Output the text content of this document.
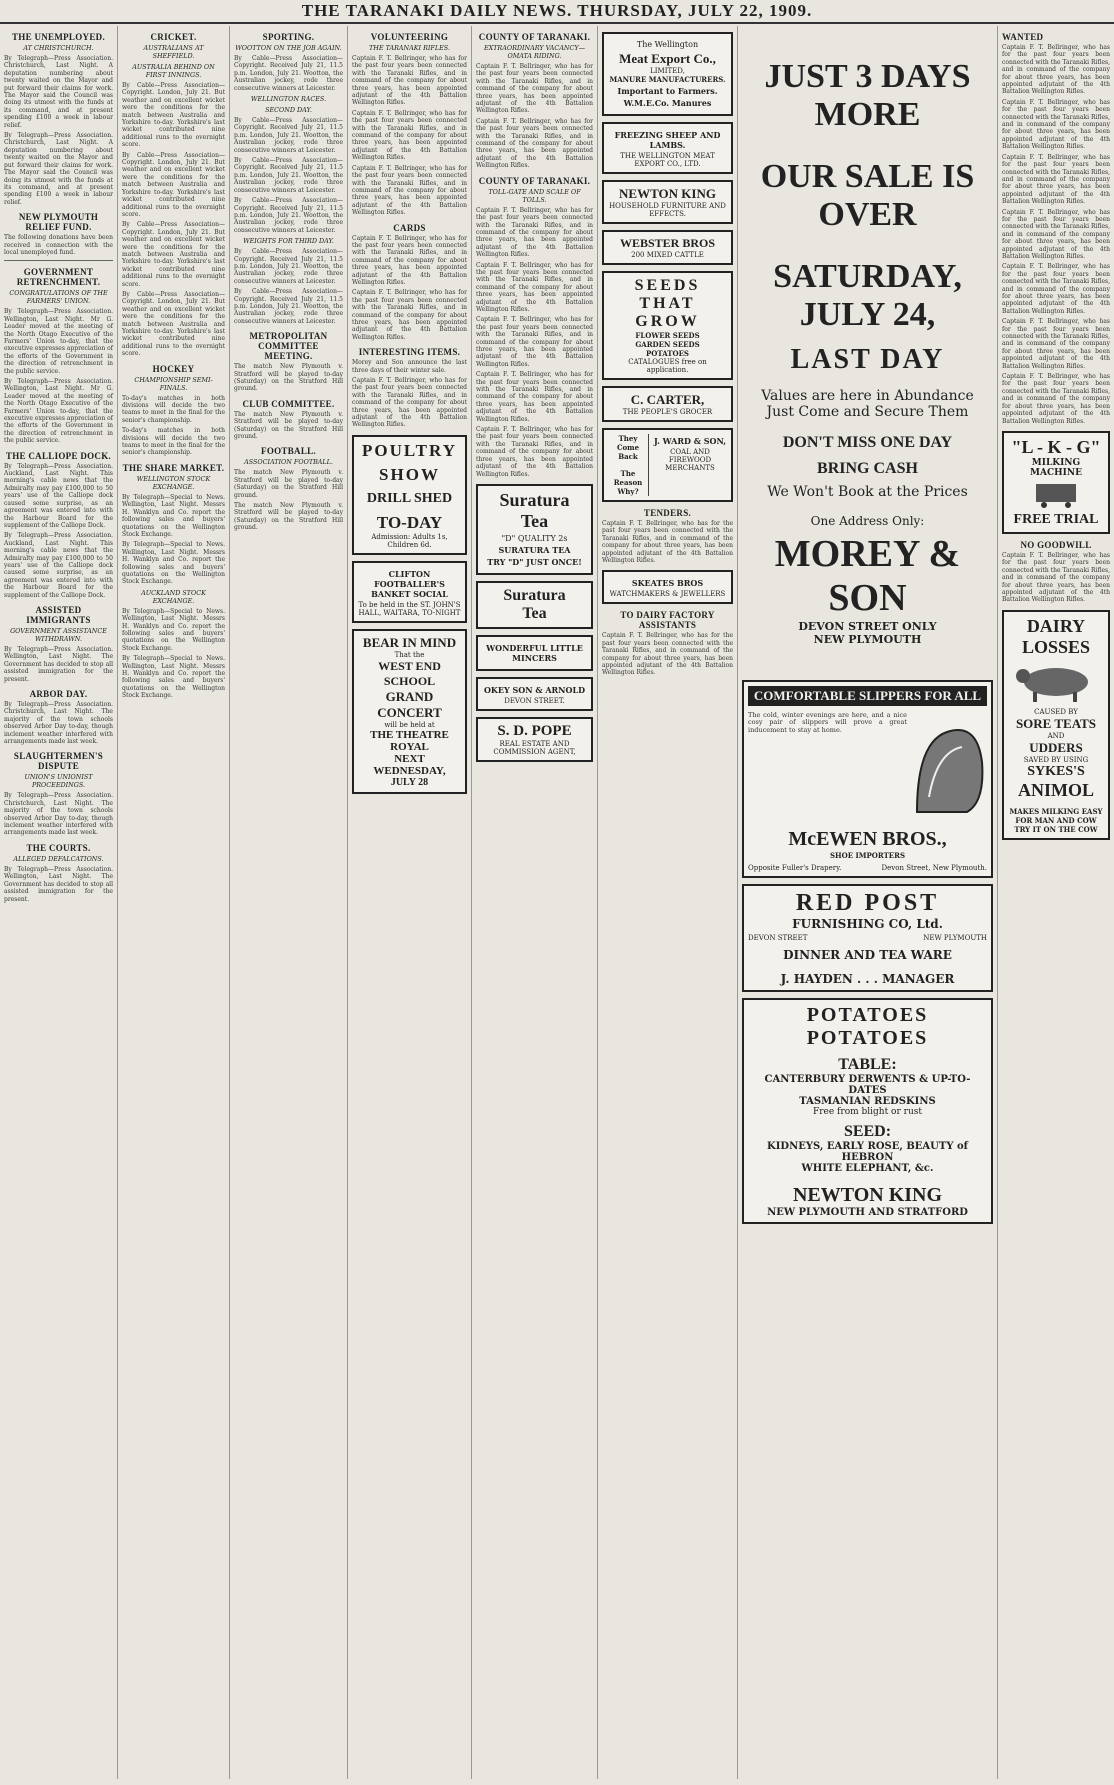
THE TARANAKI DAILY NEWS. THURSDAY, JULY 22, 1909.
THE UNEMPLOYED.
AT CHRISTCHURCH.

By Telegraph—Press Association. Christchurch, Last Night. A deputation numbering about twenty waited on the Mayor and put forward their claims for work. The Mayor said the Council was doing its utmost with the funds at its command, and at present spending £100 a week in labour relief.

By Telegraph—Press Association. Christchurch, Last Night. A deputation numbering about twenty waited on the Mayor and put forward their claims for work. The Mayor said the Council was doing its utmost with the funds at its command, and at present spending £100 a week in labour relief.

NEW PLYMOUTH RELIEF FUND.

The following donations have been received in connection with the local unemployed fund.

GOVERNMENT RETRENCHMENT.
CONGRATULATIONS OF THE FARMERS' UNION.

By Telegraph—Press Association. Wellington, Last Night. Mr G. Leader moved at the meeting of the North Otago Executive of the Farmers' Union to-day, that the executive expresses appreciation of the efforts of the Government in the direction of retrenchment in the public service.

By Telegraph—Press Association. Wellington, Last Night. Mr G. Leader moved at the meeting of the North Otago Executive of the Farmers' Union to-day, that the executive expresses appreciation of the efforts of the Government in the direction of retrenchment in the public service.

THE CALLIOPE DOCK.

By Telegraph—Press Association. Auckland, Last Night. This morning's cable news that the Admiralty may pay £100,000 to 50 years' use of the Calliope dock caused some surprise, as an agreement was entered into with the Harbour Board for the supplement of the Calliope Dock.

By Telegraph—Press Association. Auckland, Last Night. This morning's cable news that the Admiralty may pay £100,000 to 50 years' use of the Calliope dock caused some surprise, as an agreement was entered into with the Harbour Board for the supplement of the Calliope Dock.

ASSISTED IMMIGRANTS
GOVERNMENT ASSISTANCE WITHDRAWN.

By Telegraph—Press Association. Wellington, Last Night. The Government has decided to stop all assisted immigration for the present.

ARBOR DAY.

By Telegraph—Press Association. Christchurch, Last Night. The majority of the town schools observed Arbor Day to-day, though inclement weather interfered with arrangements made last week.

SLAUGHTERMEN'S DISPUTE
UNION'S UNIONIST PROCEEDINGS.

By Telegraph—Press Association. Christchurch, Last Night. The majority of the town schools observed Arbor Day to-day, though inclement weather interfered with arrangements made last week.

THE COURTS.
ALLEGED DEFALCATIONS.

By Telegraph—Press Association. Wellington, Last Night. The Government has decided to stop all assisted immigration for the present.

CRICKET.
AUSTRALIANS AT SHEFFIELD.
AUSTRALIA BEHIND ON FIRST INNINGS.

By Cable—Press Association—Copyright. London, July 21. But weather and on excellent wicket were the conditions for the match between Australia and Yorkshire to-day. Yorkshire's last wicket contributed nine additional runs to the overnight score.

By Cable—Press Association—Copyright. London, July 21. But weather and on excellent wicket were the conditions for the match between Australia and Yorkshire to-day. Yorkshire's last wicket contributed nine additional runs to the overnight score.

By Cable—Press Association—Copyright. London, July 21. But weather and on excellent wicket were the conditions for the match between Australia and Yorkshire to-day. Yorkshire's last wicket contributed nine additional runs to the overnight score.

By Cable—Press Association—Copyright. London, July 21. But weather and on excellent wicket were the conditions for the match between Australia and Yorkshire to-day. Yorkshire's last wicket contributed nine additional runs to the overnight score.

HOCKEY
CHAMPIONSHIP SEMI-FINALS.

To-day's matches in both divisions will decide the two teams to meet in the final for the senior's championship.

To-day's matches in both divisions will decide the two teams to meet in the final for the senior's championship.

THE SHARE MARKET.
WELLINGTON STOCK EXCHANGE.

By Telegraph—Special to News. Wellington, Last Night. Messrs H. Wanklyn and Co. report the following sales and buyers' quotations on the Wellington Stock Exchange.

By Telegraph—Special to News. Wellington, Last Night. Messrs H. Wanklyn and Co. report the following sales and buyers' quotations on the Wellington Stock Exchange.

AUCKLAND STOCK EXCHANGE.

By Telegraph—Special to News. Wellington, Last Night. Messrs H. Wanklyn and Co. report the following sales and buyers' quotations on the Wellington Stock Exchange.

By Telegraph—Special to News. Wellington, Last Night. Messrs H. Wanklyn and Co. report the following sales and buyers' quotations on the Wellington Stock Exchange.

SPORTING.
WOOTTON ON THE JOB AGAIN.

By Cable—Press Association—Copyright. Received July 21, 11.5 p.m. London, July 21. Wootton, the Australian jockey, rode three consecutive winners at Leicester.

WELLINGTON RACES.
SECOND DAY.

By Cable—Press Association—Copyright. Received July 21, 11.5 p.m. London, July 21. Wootton, the Australian jockey, rode three consecutive winners at Leicester.

By Cable—Press Association—Copyright. Received July 21, 11.5 p.m. London, July 21. Wootton, the Australian jockey, rode three consecutive winners at Leicester.

By Cable—Press Association—Copyright. Received July 21, 11.5 p.m. London, July 21. Wootton, the Australian jockey, rode three consecutive winners at Leicester.

WEIGHTS FOR THIRD DAY.

By Cable—Press Association—Copyright. Received July 21, 11.5 p.m. London, July 21. Wootton, the Australian jockey, rode three consecutive winners at Leicester.

By Cable—Press Association—Copyright. Received July 21, 11.5 p.m. London, July 21. Wootton, the Australian jockey, rode three consecutive winners at Leicester.

METROPOLITAN COMMITTEE MEETING.

The match New Plymouth v. Stratford will be played to-day (Saturday) on the Stratford Hill ground.

CLUB COMMITTEE.

The match New Plymouth v. Stratford will be played to-day (Saturday) on the Stratford Hill ground.

FOOTBALL.
ASSOCIATION FOOTBALL.

The match New Plymouth v. Stratford will be played to-day (Saturday) on the Stratford Hill ground.

The match New Plymouth v. Stratford will be played to-day (Saturday) on the Stratford Hill ground.

VOLUNTEERING
THE TARANAKI RIFLES.

Captain F. T. Bellringer, who has for the past four years been connected with the Taranaki Rifles, and in command of the company for about three years, has been appointed adjutant of the 4th Battalion Wellington Rifles.

Captain F. T. Bellringer, who has for the past four years been connected with the Taranaki Rifles, and in command of the company for about three years, has been appointed adjutant of the 4th Battalion Wellington Rifles.

Captain F. T. Bellringer, who has for the past four years been connected with the Taranaki Rifles, and in command of the company for about three years, has been appointed adjutant of the 4th Battalion Wellington Rifles.

CARDS

Captain F. T. Bellringer, who has for the past four years been connected with the Taranaki Rifles, and in command of the company for about three years, has been appointed adjutant of the 4th Battalion Wellington Rifles.

Captain F. T. Bellringer, who has for the past four years been connected with the Taranaki Rifles, and in command of the company for about three years, has been appointed adjutant of the 4th Battalion Wellington Rifles.

INTERESTING ITEMS.

Morey and Son announce the last three days of their winter sale.

Captain F. T. Bellringer, who has for the past four years been connected with the Taranaki Rifles, and in command of the company for about three years, has been appointed adjutant of the 4th Battalion Wellington Rifles.

POULTRY
SHOW
DRILL SHED
TO-DAY
Admission: Adults 1s, Children 6d.
CLIFTON FOOTBALLER'S BANKET SOCIAL
To be held in the ST. JOHN'S HALL, WAITARA, TO-NIGHT
BEAR IN MIND
That the
WEST END SCHOOL
GRAND CONCERT
will be held at
THE THEATRE ROYAL
NEXT WEDNESDAY,
JULY 28
COUNTY OF TARANAKI.
EXTRAORDINARY VACANCY—OMATA RIDING.

Captain F. T. Bellringer, who has for the past four years been connected with the Taranaki Rifles, and in command of the company for about three years, has been appointed adjutant of the 4th Battalion Wellington Rifles.

Captain F. T. Bellringer, who has for the past four years been connected with the Taranaki Rifles, and in command of the company for about three years, has been appointed adjutant of the 4th Battalion Wellington Rifles.

COUNTY OF TARANAKI.
TOLL-GATE AND SCALE OF TOLLS.

Captain F. T. Bellringer, who has for the past four years been connected with the Taranaki Rifles, and in command of the company for about three years, has been appointed adjutant of the 4th Battalion Wellington Rifles.

Captain F. T. Bellringer, who has for the past four years been connected with the Taranaki Rifles, and in command of the company for about three years, has been appointed adjutant of the 4th Battalion Wellington Rifles.

Captain F. T. Bellringer, who has for the past four years been connected with the Taranaki Rifles, and in command of the company for about three years, has been appointed adjutant of the 4th Battalion Wellington Rifles.

Captain F. T. Bellringer, who has for the past four years been connected with the Taranaki Rifles, and in command of the company for about three years, has been appointed adjutant of the 4th Battalion Wellington Rifles.

Captain F. T. Bellringer, who has for the past four years been connected with the Taranaki Rifles, and in command of the company for about three years, has been appointed adjutant of the 4th Battalion Wellington Rifles.

Suratura
Tea
"D" QUALITY 2s
SURATURA TEA
TRY "D" JUST ONCE!
Suratura
Tea
WONDERFUL LITTLE MINCERS
OKEY SON & ARNOLD
DEVON STREET.
S. D. POPE
REAL ESTATE AND COMMISSION AGENT,
The Wellington
Meat Export Co.,
LIMITED,
MANURE MANUFACTURERS.
Important to Farmers.
W.M.E.Co. Manures
FREEZING SHEEP AND LAMBS.
THE WELLINGTON MEAT EXPORT CO., LTD.
NEWTON KING
HOUSEHOLD FURNITURE AND EFFECTS.
WEBSTER BROS
200 MIXED CATTLE
SEEDS
THAT
GROW
FLOWER SEEDS
GARDEN SEEDS
POTATOES
CATALOGUES free on application.
C. CARTER,
THE PEOPLE'S GROCER
They Come Back
The Reason Why?
J. WARD & SON,
COAL AND FIREWOOD MERCHANTS
TENDERS.

Captain F. T. Bellringer, who has for the past four years been connected with the Taranaki Rifles, and in command of the company for about three years, has been appointed adjutant of the 4th Battalion Wellington Rifles.

SKEATES BROS
WATCHMAKERS & JEWELLERS
TO DAIRY FACTORY ASSISTANTS

Captain F. T. Bellringer, who has for the past four years been connected with the Taranaki Rifles, and in command of the company for about three years, has been appointed adjutant of the 4th Battalion Wellington Rifles.

JUST 3 DAYS MORE
OUR SALE IS OVER
SATURDAY, JULY 24,
LAST DAY
Values are here in Abundance
Just Come and Secure Them
DON'T MISS ONE DAY
BRING CASH
We Won't Book at the Prices
One Address Only:
MOREY & SON
DEVON STREET ONLY
NEW PLYMOUTH
COMFORTABLE SLIPPERS FOR ALL

The cold, winter evenings are here, and a nice cosy pair of slippers will prove a great inducement to stay at home.

McEWEN BROS.,
SHOE IMPORTERS
Opposite Fuller's Drapery.	Devon Street, New Plymouth.
RED POST
FURNISHING CO, Ltd.
DEVON STREET	NEW PLYMOUTH
DINNER AND TEA WARE
J. HAYDEN . . . MANAGER
POTATOES POTATOES
TABLE:
CANTERBURY DERWENTS & UP-TO-DATES
TASMANIAN REDSKINS
Free from blight or rust
SEED:
KIDNEYS, EARLY ROSE, BEAUTY of HEBRON
WHITE ELEPHANT, &c.
NEWTON KING
NEW PLYMOUTH AND STRATFORD
WANTED

Captain F. T. Bellringer, who has for the past four years been connected with the Taranaki Rifles, and in command of the company for about three years, has been appointed adjutant of the 4th Battalion Wellington Rifles.

Captain F. T. Bellringer, who has for the past four years been connected with the Taranaki Rifles, and in command of the company for about three years, has been appointed adjutant of the 4th Battalion Wellington Rifles.

Captain F. T. Bellringer, who has for the past four years been connected with the Taranaki Rifles, and in command of the company for about three years, has been appointed adjutant of the 4th Battalion Wellington Rifles.

Captain F. T. Bellringer, who has for the past four years been connected with the Taranaki Rifles, and in command of the company for about three years, has been appointed adjutant of the 4th Battalion Wellington Rifles.

Captain F. T. Bellringer, who has for the past four years been connected with the Taranaki Rifles, and in command of the company for about three years, has been appointed adjutant of the 4th Battalion Wellington Rifles.

Captain F. T. Bellringer, who has for the past four years been connected with the Taranaki Rifles, and in command of the company for about three years, has been appointed adjutant of the 4th Battalion Wellington Rifles.

Captain F. T. Bellringer, who has for the past four years been connected with the Taranaki Rifles, and in command of the company for about three years, has been appointed adjutant of the 4th Battalion Wellington Rifles.

"L - K - G"
MILKING MACHINE
FREE TRIAL
NO GOODWILL

Captain F. T. Bellringer, who has for the past four years been connected with the Taranaki Rifles, and in command of the company for about three years, has been appointed adjutant of the 4th Battalion Wellington Rifles.

DAIRY LOSSES
CAUSED BY
SORE TEATS
AND
UDDERS
SAVED BY USING
SYKES'S
ANIMOL
MAKES MILKING EASY FOR MAN AND COW
TRY IT ON THE COW
